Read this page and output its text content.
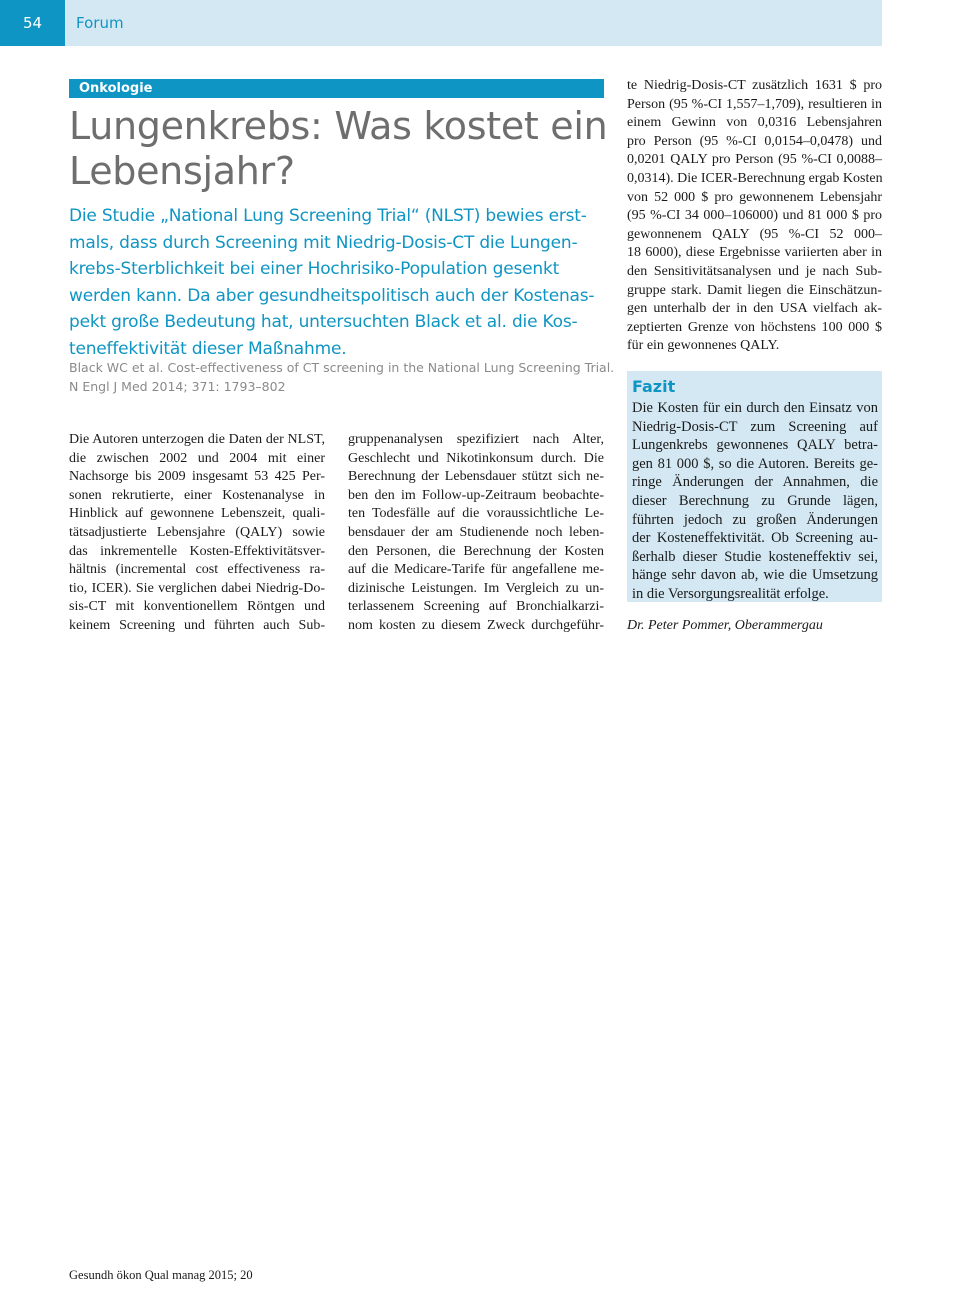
54	Forum
Onkologie
Lungenkrebs: Was kostet ein
Lebensjahr?
Die Studie „National Lung Screening Trial“ (NLST) bewies erst-
mals, dass durch Screening mit Niedrig-Dosis-CT die Lungen-
krebs-Sterblichkeit bei einer Hochrisiko-Population gesenkt
werden kann. Da aber gesundheitspolitisch auch der Kostenas-
pekt große Bedeutung hat, untersuchten Black et al. die Kos-
teneffektivität dieser Maßnahme.
Black WC et al. Cost-effectiveness of CT screening in the National Lung Screening Trial.
N Engl J Med 2014; 371: 1793–802
Die Autoren unterzogen die Daten der NLST,
die zwischen 2002 und 2004 mit einer
Nachsorge bis 2009 insgesamt 53 425 Per-
sonen rekrutierte, einer Kostenanalyse in
Hinblick auf gewonnene Lebenszeit, quali-
tätsadjustierte Lebensjahre (QALY) sowie
das inkrementelle Kosten-Effektivitätsver-
hältnis (incremental cost effectiveness ra-
tio, ICER). Sie verglichen dabei Niedrig-Do-
sis-CT mit konventionellem Röntgen und
keinem Screening und führten auch Sub-
gruppenanalysen spezifiziert nach Alter,
Geschlecht und Nikotinkonsum durch. Die
Berechnung der Lebensdauer stützt sich ne-
ben den im Follow-up-Zeitraum beobachte-
ten Todesfälle auf die voraussichtliche Le-
bensdauer der am Studienende noch leben-
den Personen, die Berechnung der Kosten
auf die Medicare-Tarife für angefallene me-
dizinische Leistungen. Im Vergleich zu un-
terlassenem Screening auf Bronchialkarzi-
nom kosten zu diesem Zweck durchgeführ-
te Niedrig-Dosis-CT zusätzlich 1631 $ pro
Person (95 %-CI 1,557–1,709), resultieren in
einem Gewinn von 0,0316 Lebensjahren
pro Person (95 %-CI 0,0154–0,0478) und
0,0201 QALY pro Person (95 %-CI 0,0088–
0,0314). Die ICER-Berechnung ergab Kosten
von 52 000 $ pro gewonnenem Lebensjahr
(95 %-CI 34 000–106000) und 81 000 $ pro
gewonnenem QALY (95 %-CI 52 000–
18 6000), diese Ergebnisse variierten aber in
den Sensitivitätsanalysen und je nach Sub-
gruppe stark. Damit liegen die Einschätzun-
gen unterhalb der in den USA vielfach ak-
zeptierten Grenze von höchstens 100 000 $
für ein gewonnenes QALY.
Fazit
Die Kosten für ein durch den Einsatz von
Niedrig-Dosis-CT zum Screening auf
Lungenkrebs gewonnenes QALY betra-
gen 81 000 $, so die Autoren. Bereits ge-
ringe Änderungen der Annahmen, die
dieser Berechnung zu Grunde lägen,
führten jedoch zu großen Änderungen
der Kosteneffektivität. Ob Screening au-
ßerhalb dieser Studie kosteneffektiv sei,
hänge sehr davon ab, wie die Umsetzung
in die Versorgungsrealität erfolge.
Dr. Peter Pommer, Oberammergau
Gesundh ökon Qual manag 2015; 20
